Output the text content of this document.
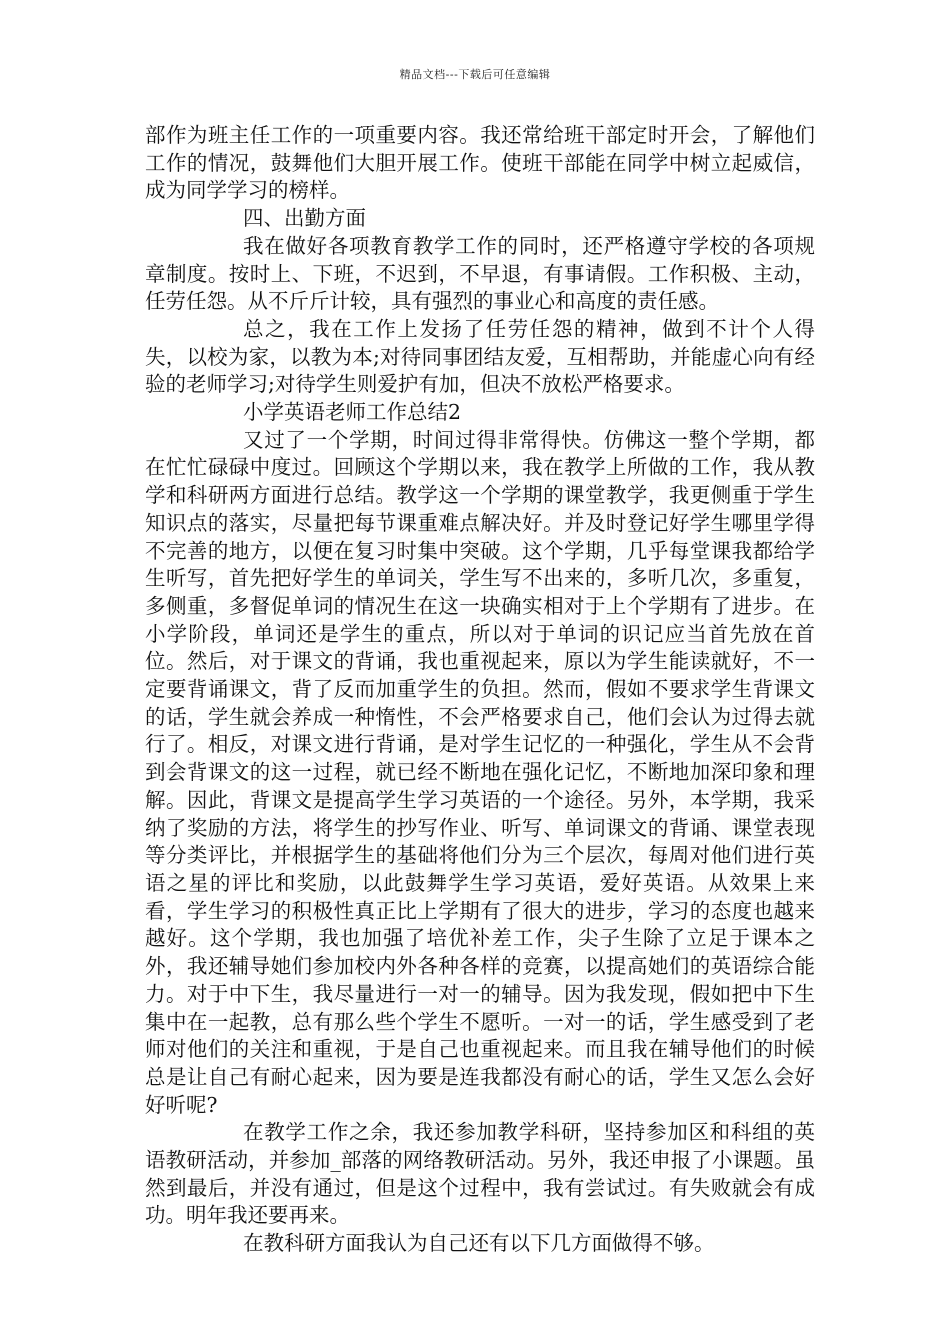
精品文档---下载后可任意编辑

部作为班主任工作的一项重要内容。我还常给班干部定时开会，了解他们工作的情况，鼓舞他们大胆开展工作。使班干部能在同学中树立起威信，成为同学学习的榜样。

四、出勤方面

我在做好各项教育教学工作的同时，还严格遵守学校的各项规章制度。按时上、下班，不迟到，不早退，有事请假。工作积极、主动，任劳任怨。从不斤斤计较，具有强烈的事业心和高度的责任感。

总之，我在工作上发扬了任劳任怨的精神，做到不计个人得失，以校为家，以教为本;对待同事团结友爱，互相帮助，并能虚心向有经验的老师学习;对待学生则爱护有加，但决不放松严格要求。

小学英语老师工作总结2

又过了一个学期，时间过得非常得快。仿佛这一整个学期，都在忙忙碌碌中度过。回顾这个学期以来，我在教学上所做的工作，我从教学和科研两方面进行总结。教学这一个学期的课堂教学，我更侧重于学生知识点的落实，尽量把每节课重难点解决好。并及时登记好学生哪里学得不完善的地方，以便在复习时集中突破。这个学期，几乎每堂课我都给学生听写，首先把好学生的单词关，学生写不出来的，多听几次，多重复，多侧重，多督促单词的情况生在这一块确实相对于上个学期有了进步。在小学阶段，单词还是学生的重点，所以对于单词的识记应当首先放在首位。然后，对于课文的背诵，我也重视起来，原以为学生能读就好，不一定要背诵课文，背了反而加重学生的负担。然而，假如不要求学生背课文的话，学生就会养成一种惰性，不会严格要求自己，他们会认为过得去就行了。相反，对课文进行背诵，是对学生记忆的一种强化，学生从不会背到会背课文的这一过程，就已经不断地在强化记忆，不断地加深印象和理解。因此，背课文是提高学生学习英语的一个途径。另外，本学期，我采纳了奖励的方法，将学生的抄写作业、听写、单词课文的背诵、课堂表现等分类评比，并根据学生的基础将他们分为三个层次，每周对他们进行英语之星的评比和奖励，以此鼓舞学生学习英语，爱好英语。从效果上来看，学生学习的积极性真正比上学期有了很大的进步，学习的态度也越来越好。这个学期，我也加强了培优补差工作，尖子生除了立足于课本之外，我还辅导她们参加校内外各种各样的竞赛，以提高她们的英语综合能力。对于中下生，我尽量进行一对一的辅导。因为我发现，假如把中下生集中在一起教，总有那么些个学生不愿听。一对一的话，学生感受到了老师对他们的关注和重视，于是自己也重视起来。而且我在辅导他们的时候总是让自己有耐心起来，因为要是连我都没有耐心的话，学生又怎么会好好听呢?

在教学工作之余，我还参加教学科研，坚持参加区和科组的英语教研活动，并参加_部落的网络教研活动。另外，我还申报了小课题。虽然到最后，并没有通过，但是这个过程中，我有尝试过。有失败就会有成功。明年我还要再来。

在教科研方面我认为自己还有以下几方面做得不够。
